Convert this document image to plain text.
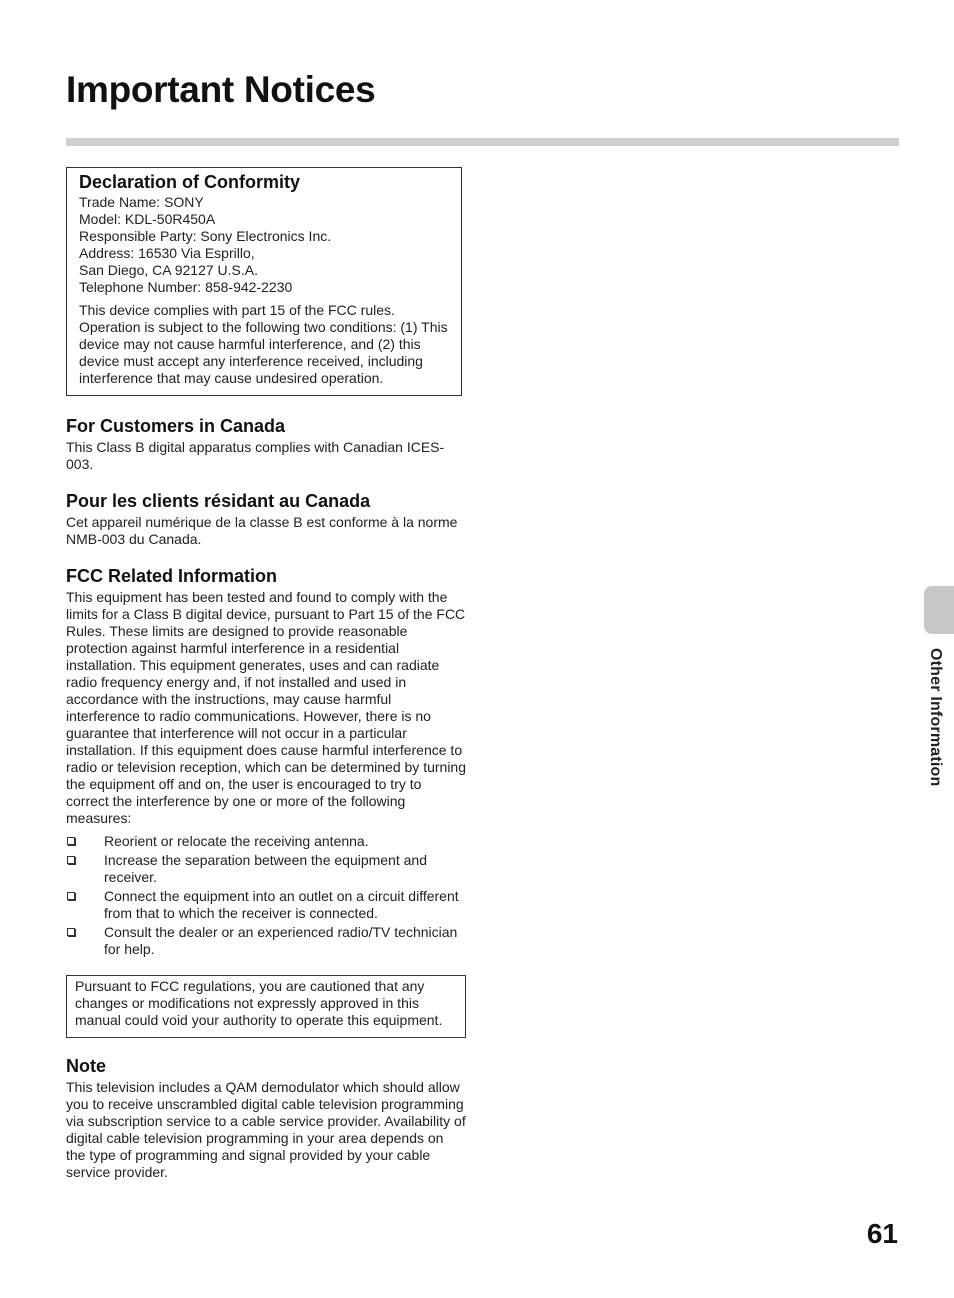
Important Notices
Declaration of Conformity

Trade Name: SONY

Model: KDL-50R450A

Responsible Party: Sony Electronics Inc.

Address: 16530 Via Esprillo,

San Diego, CA 92127 U.S.A.

Telephone Number: 858-942-2230

This device complies with part 15 of the FCC rules. Operation is subject to the following two conditions: (1) This device may not cause harmful interference, and (2) this device must accept any interference received, including interference that may cause undesired operation.

For Customers in Canada

This Class B digital apparatus complies with Canadian ICES-003.

Pour les clients résidant au Canada

Cet appareil numérique de la classe B est conforme à la norme NMB-003 du Canada.

FCC Related Information

This equipment has been tested and found to comply with the limits for a Class B digital device, pursuant to Part 15 of the FCC Rules. These limits are designed to provide reasonable protection against harmful interference in a residential installation. This equipment generates, uses and can radiate radio frequency energy and, if not installed and used in accordance with the instructions, may cause harmful interference to radio communications. However, there is no guarantee that interference will not occur in a particular installation. If this equipment does cause harmful interference to radio or television reception, which can be determined by turning the equipment off and on, the user is encouraged to try to correct the interference by one or more of the following measures:

Reorient or relocate the receiving antenna.
Increase the separation between the equipment and receiver.
Connect the equipment into an outlet on a circuit different from that to which the receiver is connected.
Consult the dealer or an experienced radio/TV technician for help.

Pursuant to FCC regulations, you are cautioned that any changes or modifications not expressly approved in this manual could void your authority to operate this equipment.

Note

This television includes a QAM demodulator which should allow you to receive unscrambled digital cable television programming via subscription service to a cable service provider. Availability of digital cable television programming in your area depends on the type of programming and signal provided by your cable service provider.

Other Information
61
